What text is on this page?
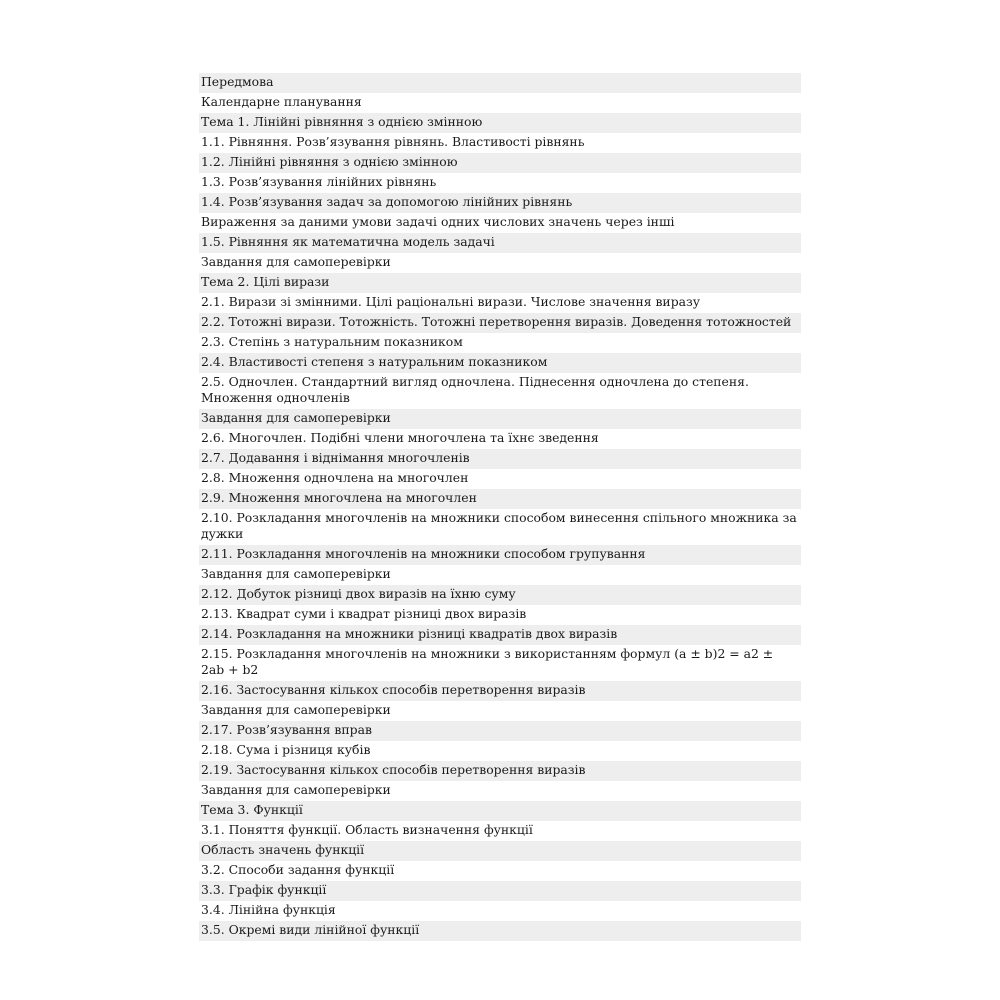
Передмова
Календарне планування
Тема 1. Лінійні рівняння з однією змінною
1.1. Рівняння. Розв’язування рівнянь. Властивості рівнянь
1.2. Лінійні рівняння з однією змінною
1.3. Розв’язування лінійних рівнянь
1.4. Розв’язування задач за допомогою лінійних рівнянь
Вираження за даними умови задачі одних числових значень через інші
1.5. Рівняння як математична модель задачі
Завдання для самоперевірки
Тема 2. Цілі вирази
2.1. Вирази зі змінними. Цілі раціональні вирази. Числове значення виразу
2.2. Тотожні вирази. Тотожність. Тотожні перетворення виразів. Доведення тотожностей
2.3. Степінь з натуральним показником
2.4. Властивості степеня з натуральним показником
2.5. Одночлен. Стандартний вигляд одночлена. Піднесення одночлена до степеня. Множення одночленів
Завдання для самоперевірки
2.6. Многочлен. Подібні члени многочлена та їхнє зведення
2.7. Додавання і віднімання многочленів
2.8. Множення одночлена на многочлен
2.9. Множення многочлена на многочлен
2.10. Розкладання многочленів на множники способом винесення спільного множника за дужки
2.11. Розкладання многочленів на множники способом групування
Завдання для самоперевірки
2.12. Добуток різниці двох виразів на їхню суму
2.13. Квадрат суми і квадрат різниці двох виразів
2.14. Розкладання на множники різниці квадратів двох виразів
2.15. Розкладання многочленів на множники з використанням формул (a ± b)2 = a2 ± 2ab + b2
2.16. Застосування кількох способів перетворення виразів
Завдання для самоперевірки
2.17. Розв’язування вправ
2.18. Сума і різниця кубів
2.19. Застосування кількох способів перетворення виразів
Завдання для самоперевірки
Тема 3. Функції
3.1. Поняття функції. Область визначення функції
Область значень функції
3.2. Способи задання функції
3.3. Графік функції
3.4. Лінійна функція
3.5. Окремі види лінійної функції
